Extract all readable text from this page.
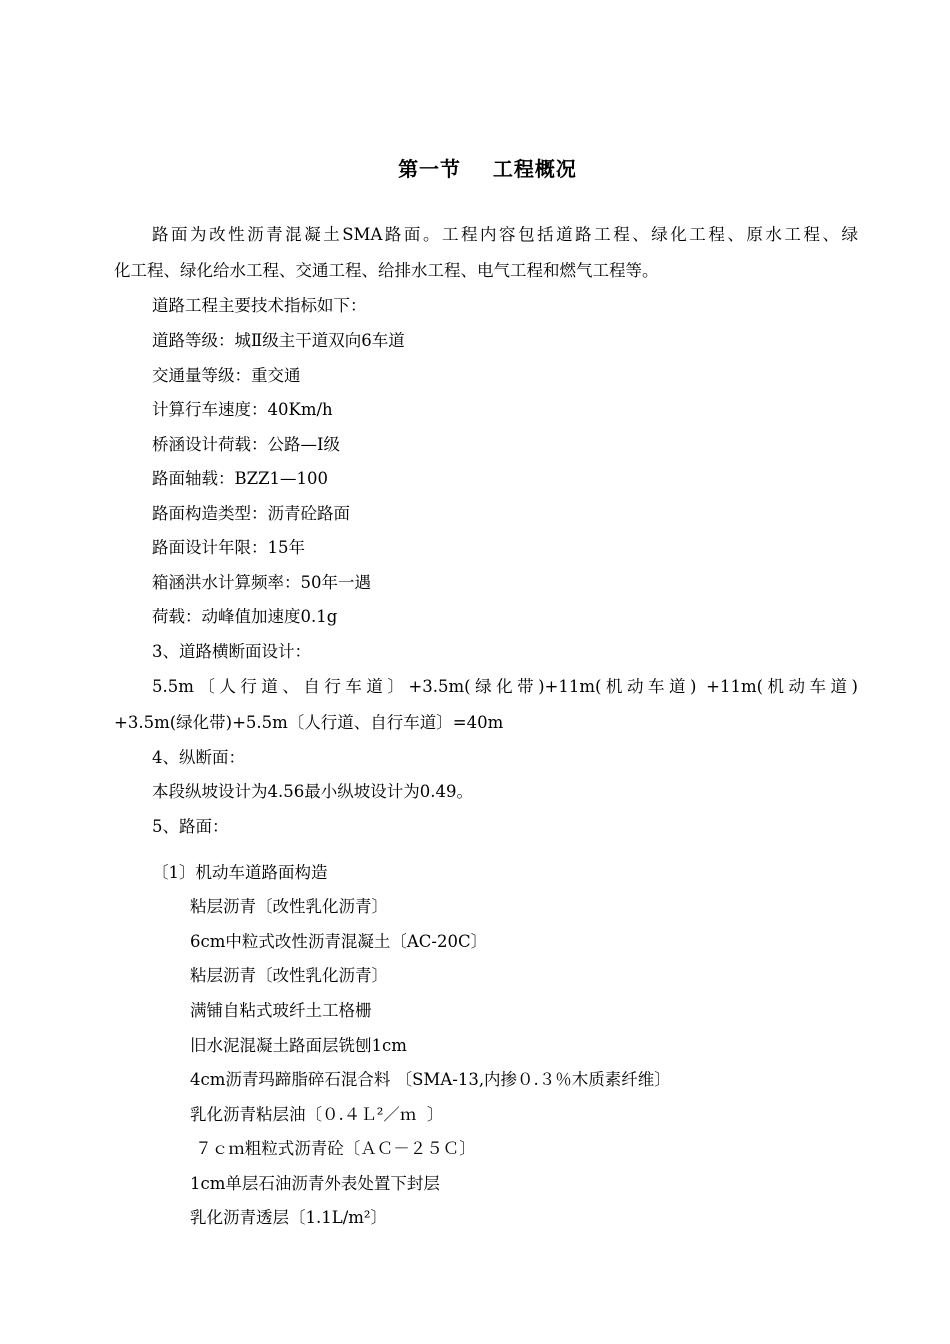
第一节    工程概况
路面为改性沥青混凝土SMA路面。工程内容包括道路工程、绿化工程、原水工程、绿
化工程、绿化给水工程、交通工程、给排水工程、电气工程和燃气工程等。
道路工程主要技术指标如下：
道路等级：城Ⅱ级主干道双向6车道
交通量等级：重交通
计算行车速度：40Km/h
桥涵设计荷载：公路—Ⅰ级
路面轴载：BZZ1—100
路面构造类型：沥青砼路面
路面设计年限：15年
箱涵洪水计算频率：50年一遇
荷载：动峰值加速度0.1g
3、道路横断面设计：
5.5m〔人行道、自行车道〕+3.5m(绿化带)+11m(机动车道) +11m(机动车道)
+3.5m(绿化带)+5.5m〔人行道、自行车道〕=40m
4、纵断面：
本段纵坡设计为4.56最小纵坡设计为0.49。
5、路面：
〔1〕机动车道路面构造
粘层沥青〔改性乳化沥青〕
6cm中粒式改性沥青混凝土〔AC-20C〕
粘层沥青〔改性乳化沥青〕
满铺自粘式玻纤土工格栅
旧水泥混凝土路面层铣刨1cm
4cm沥青玛蹄脂碎石混合料 〔SMA-13,内掺０.３％木质素纤维〕
乳化沥青粘层油〔０.４Ｌ²／ｍ  〕
７ｃｍ粗粒式沥青砼〔ＡＣ－２５Ｃ〕
1cm单层石油沥青外表处置下封层
乳化沥青透层〔1.1L/m²〕
